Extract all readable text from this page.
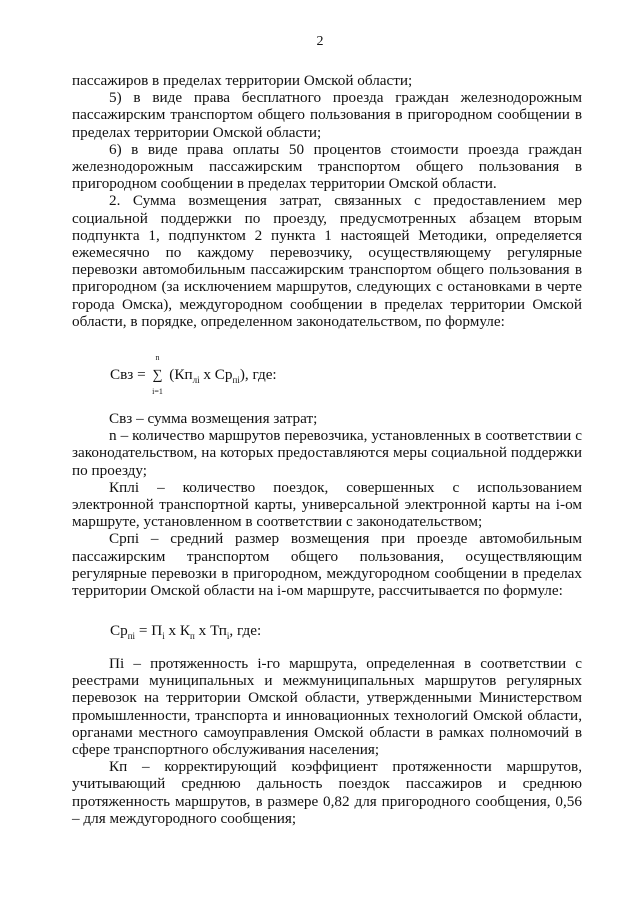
2

пассажиров в пределах территории Омской области;

5) в виде права бесплатного проезда граждан железнодорожным пассажирским транспортом общего пользования в пригородном сообщении в пределах территории Омской области;

6) в виде права оплаты 50 процентов стоимости проезда граждан железнодорожным пассажирским транспортом общего пользования в пригородном сообщении в пределах территории Омской области.

2. Сумма возмещения затрат, связанных с предоставлением мер социальной поддержки по проезду, предусмотренных абзацем вторым подпункта 1, подпунктом 2 пункта 1 настоящей Методики, определяется ежемесячно по каждому перевозчику, осуществляющему регулярные перевозки автомобильным пассажирским транспортом общего пользования в пригородном (за исключением маршрутов, следующих с остановками в черте города Омска), междугородном сообщении в пределах территории Омской области, в порядке, определенном законодательством, по формуле:

Свз =
n
∑
i=1
($Кп_{лi}$ x $Ср_{пi}$), где:

Свз – сумма возмещения затрат;

n – количество маршрутов перевозчика, установленных в соответствии с законодательством, на которых предоставляются меры социальной поддержки по проезду;

Кплi – количество поездок, совершенных с использованием электронной транспортной карты, универсальной электронной карты на i-ом маршруте, установленном в соответствии с законодательством;

Српi – средний размер возмещения при проезде автомобильным пассажирским транспортом общего пользования, осуществляющим регулярные перевозки в пригородном, междугородном сообщении в пределах территории Омской области на i-ом маршруте, рассчитывается по формуле:

$Ср_{пi} = П_i$ x $К_п$ x $Тп_i$, где:

Пi – протяженность i-го маршрута, определенная в соответствии с реестрами муниципальных и межмуниципальных маршрутов регулярных перевозок на территории Омской области, утвержденными Министерством промышленности, транспорта и инновационных технологий Омской области, органами местного самоуправления Омской области в рамках полномочий в сфере транспортного обслуживания населения;

Кп – корректирующий коэффициент протяженности маршрутов, учитывающий среднюю дальность поездок пассажиров и среднюю протяженность маршрутов, в размере 0,82 для пригородного сообщения, 0,56 – для междугородного сообщения;
